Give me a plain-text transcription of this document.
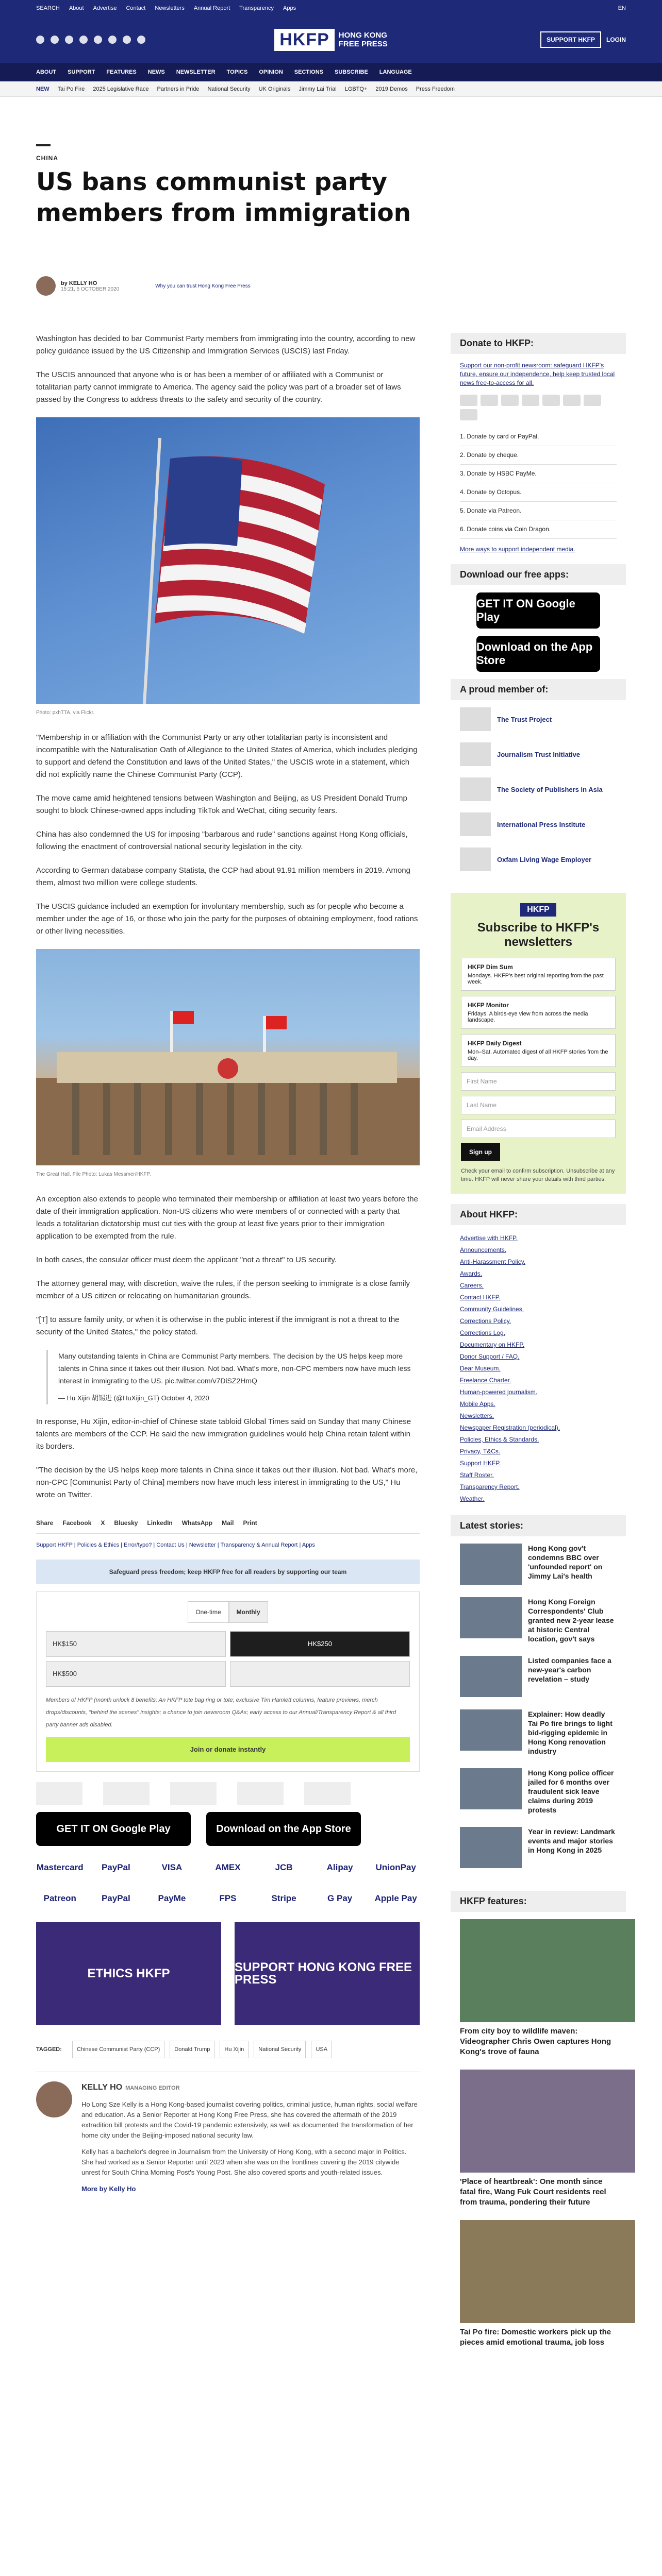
SEARCH About Advertise Contact Newsletters Annual Report Transparency Apps	EN
HKFP	HONG KONG
FREE PRESS	SUPPORT HKFP	LOGIN
ABOUT SUPPORT FEATURES NEWS NEWSLETTER TOPICS OPINION SECTIONS SUBSCRIBE LANGUAGE
NEW Tai Po Fire 2025 Legislative Race Partners in Pride National Security UK Originals Jimmy Lai Trial LGBTQ+ 2019 Demos Press Freedom
CHINA
US bans communist party members from immigration
by KELLY HO
15:21, 5 OCTOBER 2020
Why you can trust Hong Kong Free Press

Washington has decided to bar Communist Party members from immigrating into the country, according to new policy guidance issued by the US Citizenship and Immigration Services (USCIS) last Friday.

The USCIS announced that anyone who is or has been a member of or affiliated with a Communist or totalitarian party cannot immigrate to America. The agency said the policy was part of a broader set of laws passed by the Congress to address threats to the safety and security of the country.

Photo: pxhTTA, via Flickr.

"Membership in or affiliation with the Communist Party or any other totalitarian party is inconsistent and incompatible with the Naturalisation Oath of Allegiance to the United States of America, which includes pledging to support and defend the Constitution and laws of the United States," the USCIS wrote in a statement, which did not explicitly name the Chinese Communist Party (CCP).

The move came amid heightened tensions between Washington and Beijing, as US President Donald Trump sought to block Chinese-owned apps including TikTok and WeChat, citing security fears.

China has also condemned the US for imposing "barbarous and rude" sanctions against Hong Kong officials, following the enactment of controversial national security legislation in the city.

According to German database company Statista, the CCP had about 91.91 million members in 2019. Among them, almost two million were college students.

The USCIS guidance included an exemption for involuntary membership, such as for people who become a member under the age of 16, or those who join the party for the purposes of obtaining employment, food rations or other living necessities.

The Great Hall. File Photo: Lukas Messmer/HKFP.

An exception also extends to people who terminated their membership or affiliation at least two years before the date of their immigration application. Non-US citizens who were members of or connected with a party that leads a totalitarian dictatorship must cut ties with the group at least five years prior to their immigration application to be exempted from the rule.

In both cases, the consular officer must deem the applicant "not a threat" to US security.

The attorney general may, with discretion, waive the rules, if the person seeking to immigrate is a close family member of a US citizen or relocating on humanitarian grounds.

"[T] to assure family unity, or when it is otherwise in the public interest if the immigrant is not a threat to the security of the United States," the policy stated.

Many outstanding talents in China are Communist Party members. The decision by the US helps keep more talents in China since it takes out their illusion. Not bad. What's more, non-CPC members now have much less interest in immigrating to the US. pic.twitter.com/v7DiSZ2HmQ
— Hu Xijin 胡锡进 (@HuXijin_GT) October 4, 2020

In response, Hu Xijin, editor-in-chief of Chinese state tabloid Global Times said on Sunday that many Chinese talents are members of the CCP. He said the new immigration guidelines would help China retain talent within its borders.

"The decision by the US helps keep more talents in China since it takes out their illusion. Not bad. What's more, non-CPC [Communist Party of China] members now have much less interest in immigrating to the US," Hu wrote on Twitter.

Share Facebook X Bluesky LinkedIn WhatsApp Mail Print
Support HKFP | Policies & Ethics | Error/typo? | Contact Us | Newsletter | Transparency & Annual Report | Apps
Safeguard press freedom; keep HKFP free for all readers by supporting our team
One-time	Monthly
HK$150	HK$250
HK$500
Members of HKFP (month unlock 8 benefits: An HKFP tote bag ring or tote; exclusive Tim Hamlett columns, feature previews, merch drops/discounts, "behind the scenes" insights; a chance to join newsroom Q&As; early access to our Annual/Transparency Report & all third party banner ads disabled.
Join or donate instantly
GET IT ON Google Play	Download on the App Store
Mastercard	PayPal	VISA	AMEX	JCB	Alipay	UnionPay
Patreon	PayPal	PayMe	FPS	Stripe	G Pay	Apple Pay
ETHICS HKFP	SUPPORT HONG KONG FREE PRESS
TAGGED:	Chinese Communist Party (CCP)	Donald Trump	Hu Xijin	National Security	USA
KELLY HO MANAGING EDITOR

Ho Long Sze Kelly is a Hong Kong-based journalist covering politics, criminal justice, human rights, social welfare and education. As a Senior Reporter at Hong Kong Free Press, she has covered the aftermath of the 2019 extradition bill protests and the Covid-19 pandemic extensively, as well as documented the transformation of her home city under the Beijing-imposed national security law.

Kelly has a bachelor's degree in Journalism from the University of Hong Kong, with a second major in Politics. She had worked as a Senior Reporter until 2023 when she was on the frontlines covering the 2019 citywide unrest for South China Morning Post's Young Post. She also covered sports and youth-related issues.

More by Kelly Ho

Donate to HKFP:
Support our non-profit newsroom: safeguard HKFP's future, ensure our independence, help keep trusted local news free-to-access for all.
1. Donate by card or PayPal.
2. Donate by cheque.
3. Donate by HSBC PayMe.
4. Donate by Octopus.
5. Donate via Patreon.
6. Donate coins via Coin Dragon.
More ways to support independent media.
Download our free apps:
GET IT ON Google Play
Download on the App Store
A proud member of:
The Trust Project
Journalism Trust Initiative
The Society of Publishers in Asia
International Press Institute
Oxfam Living Wage Employer
HKFP
Subscribe to HKFP's newsletters
HKFP Dim Sum
Mondays. HKFP's best original reporting from the past week.
HKFP Monitor
Fridays. A birds-eye view from across the media landscape.
HKFP Daily Digest
Mon–Sat. Automated digest of all HKFP stories from the day.
First Name
Last Name
Email Address
Sign up
Check your email to confirm subscription. Unsubscribe at any time. HKFP will never share your details with third parties.
About HKFP:
Advertise with HKFP.
Announcements.
Anti-Harassment Policy.
Awards.
Careers.
Contact HKFP.
Community Guidelines.
Corrections Policy.
Corrections Log.
Documentary on HKFP.
Donor Support / FAQ.
Dear Museum.
Freelance Charter.
Human-powered journalism.
Mobile Apps.
Newsletters.
Newspaper Registration (periodical).
Policies, Ethics & Standards.
Privacy, T&Cs.
Support HKFP.
Staff Roster.
Transparency Report.
Weather.
Latest stories:
Hong Kong gov't condemns BBC over 'unfounded report' on Jimmy Lai's health
Hong Kong Foreign Correspondents' Club granted new 2-year lease at historic Central location, gov't says
Listed companies face a new-year's carbon revelation – study
Explainer: How deadly Tai Po fire brings to light bid-rigging epidemic in Hong Kong renovation industry
Hong Kong police officer jailed for 6 months over fraudulent sick leave claims during 2019 protests
Year in review: Landmark events and major stories in Hong Kong in 2025
HKFP features:
From city boy to wildlife maven: Videographer Chris Owen captures Hong Kong's trove of fauna
'Place of heartbreak': One month since fatal fire, Wang Fuk Court residents reel from trauma, pondering their future
Tai Po fire: Domestic workers pick up the pieces amid emotional trauma, job loss
